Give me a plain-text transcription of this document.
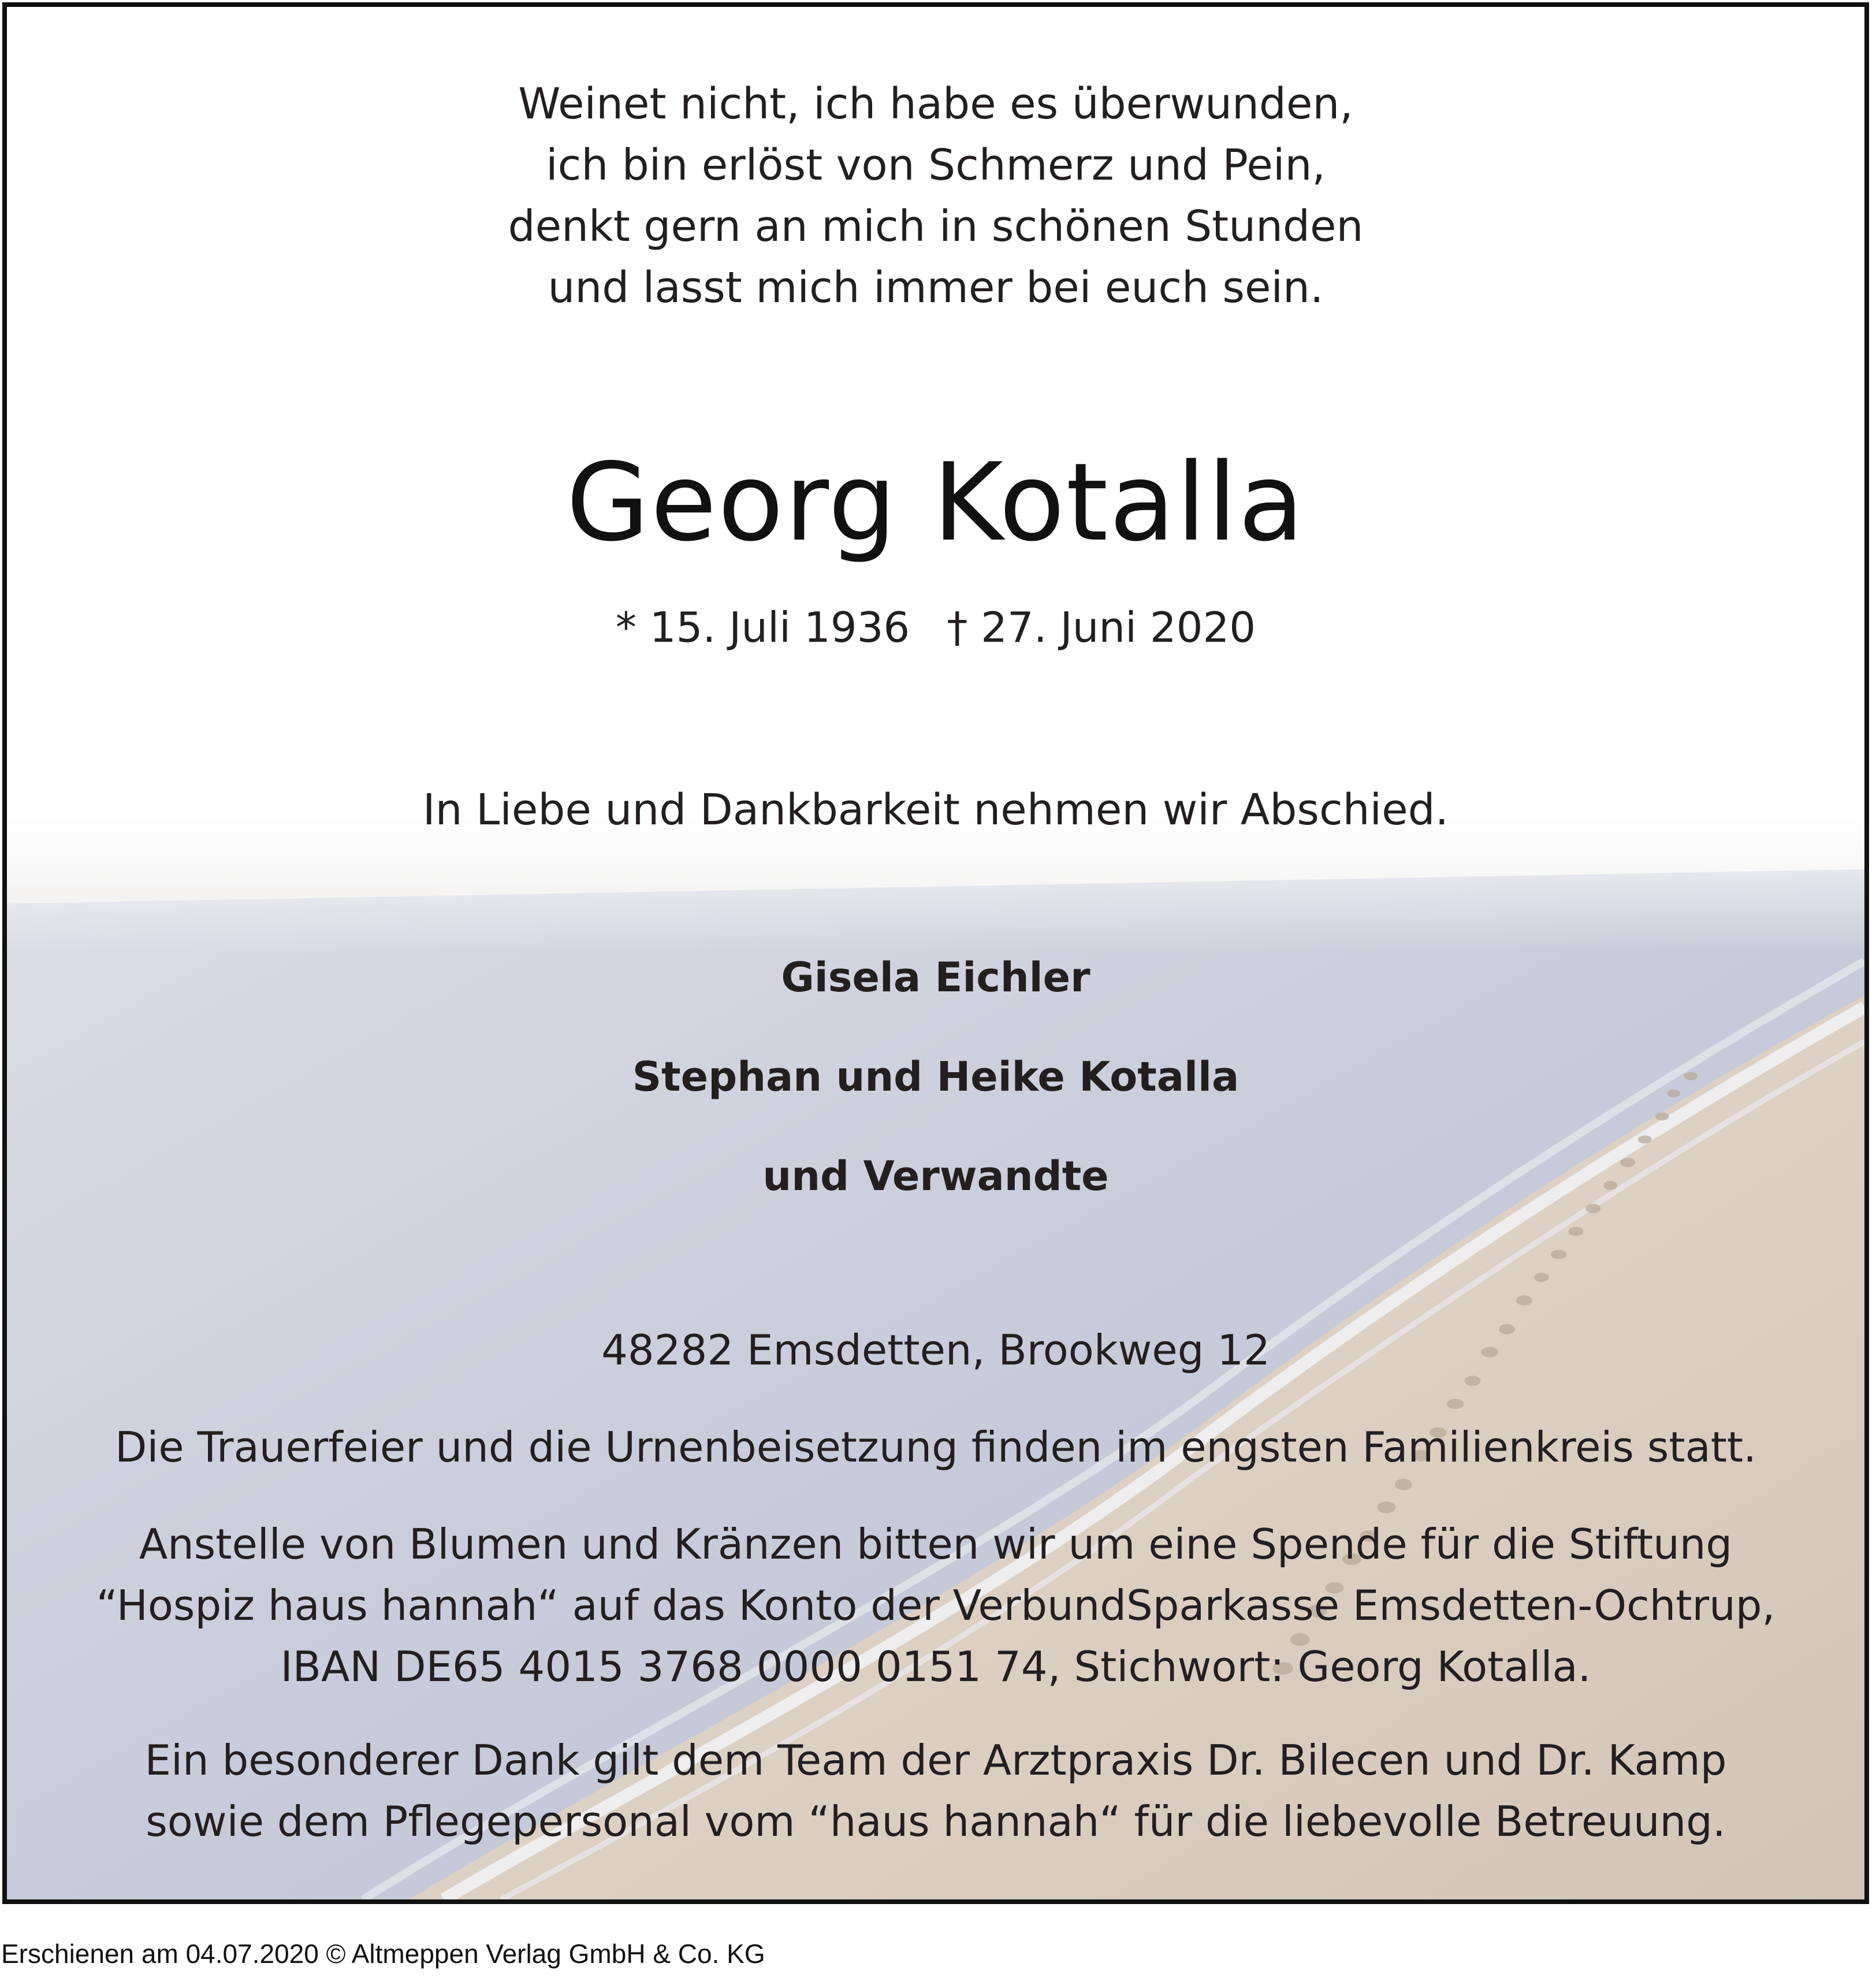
Weinet nicht, ich habe es überwunden,
ich bin erlöst von Schmerz und Pein,
denkt gern an mich in schönen Stunden
und lasst mich immer bei euch sein.
Georg Kotalla
* 15. Juli 1936 † 27. Juni 2020
In Liebe und Dankbarkeit nehmen wir Abschied.
Gisela Eichler
Stephan und Heike Kotalla
und Verwandte
48282 Emsdetten, Brookweg 12
Die Trauerfeier und die Urnenbeisetzung finden im engsten Familienkreis statt.
Anstelle von Blumen und Kränzen bitten wir um eine Spende für die Stiftung
“Hospiz haus hannah“ auf das Konto der VerbundSparkasse Emsdetten-Ochtrup,
IBAN DE65 4015 3768 0000 0151 74, Stichwort: Georg Kotalla.
Ein besonderer Dank gilt dem Team der Arztpraxis Dr. Bilecen und Dr. Kamp
sowie dem Pflegepersonal vom “haus hannah“ für die liebevolle Betreuung.
Erschienen am 04.07.2020 © Altmeppen Verlag GmbH & Co. KG
